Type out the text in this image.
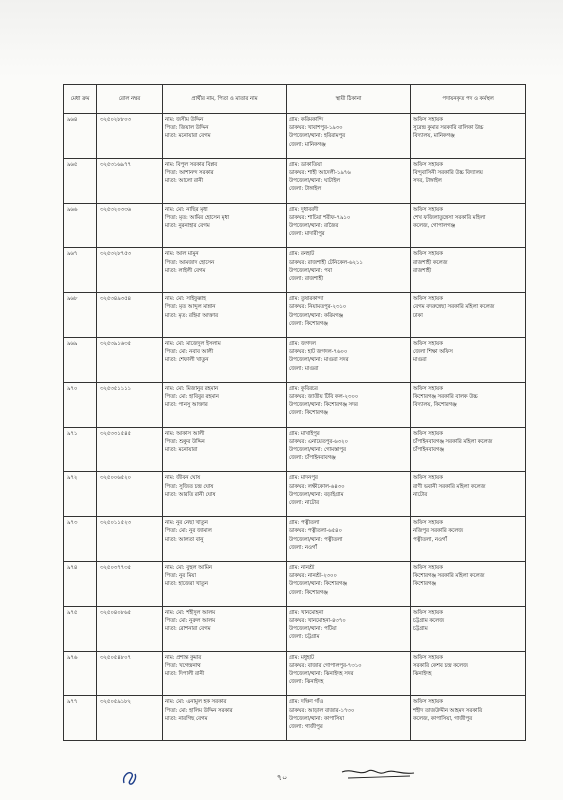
মেধা ক্রম	রোল নম্বর	প্রার্থীর নাম, পিতা ও মাতার নাম	স্থায়ী ঠিকানা	পদায়নকৃত পদ ও কর্মস্থল
৯৬৪	৩২৫০২৮৮০৩	নাম: জসীম উদ্দিন
পিতা: জিয়াল উদ্দিন
মাতা: মনোয়ারা বেগম	গ্রাম: করিমকান্দি
ডাকঘর: খাবাশপুর-১৯৩০
উপজেলা/থানা: হরিরামপুর
জেলা: মানিকগঞ্জ	অফিস সহায়ক
সুরেন্দ্র কুমার সরকারি বালিকা উচ্চ
বিদ্যালয়, মানিকগঞ্জ

৯৬৫	৩২৫৩১৬৯৭৭	নাম: বিপুল সরকার বিপ্লব
পিতা: আশানন্দ সরকার
মাতা: আলো রানী	গ্রাম: ডাকাতিয়া
ডাকঘর: শাহী আদেলী-১৯৭৬
উপজেলা/থানা: ঘাটাইল
জেলা: টাঙ্গাইল	অফিস সহায়ক
বিন্দুবাসিনী সরকারি উচ্চ বিদ্যালয়
সদর, টাঙ্গাইল

৯৬৬	৩২৫৩২০৩৩৬	নাম: মো: নাছির মৃধা
পিতা: মৃত: আমির হোসেন মৃধা
মাতা: নুরনাহার বেগম	গ্রাম: দুধাবরদী
ডাকঘর: শাচিয়া শরীফ-৭৯১০
উপজেলা/থানা: রাজৈর
জেলা: মাদারীপুর	অফিস সহায়ক
শেখ ফজিলাতুন্নেসা সরকারি মহিলা
কলেজ, গোপালগঞ্জ

৯৬৭	৩২৫৩২৮৭৫৩	নাম: আল মামুন
পিতা: আমজাদ হোসেন
মাতা: লাইলী বেগম	গ্রাম: রনহাট
ডাকঘর: রাজশাহী টেনিকেল-৬২১১
উপজেলা/থানা: পবা
জেলা: রাজশাহী	অফিস সহায়ক
রাজশাহী কলেজ
রাজশাহী

৯৬৮	৩২৫৩৪৯৩৫৪	নাম: মো: সাইফুল্লাহ
পিতা: মৃত আব্দুল মান্নান
মাতা: মৃত: রহিমা আক্তার	গ্রাম: তুষারকান্দা
ডাকঘর: নিয়ামতপুর-২৩১০
উপজেলা/থানা: করিমগঞ্জ
জেলা: কিশোরগঞ্জ	অফিস সহায়ক
বেগম বদরুন্নেছা সরকারি মহিলা কলেজ
ঢাকা

৯৬৯	৩২৫৩৯১৬৩৫	নাম: মো: মাজেদুল ইসলাম
পিতা: মো: নবাব আলী
মাতা: শেফালী খাতুন	গ্রাম: জগদল
ডাকঘর: হাট জগদল-৭৬০০
উপজেলা/থানা: মাগুরা সদর
জেলা: মাগুরা	অফিস সহায়ক
জেলা শিক্ষা অফিস
মাগুরা

৯৭০	৩২৫৩৫১১১১	নাম: মো: মিজানুর রহমান
পিতা: মো: হাবিবুর রহমান
মাতা: পানসু আক্তার	গ্রাম: কুবিরচর
ডাকঘর: জাতীয় টিবি কল-২৩০০
উপজেলা/থানা: কিশোরগঞ্জ সদর
জেলা: কিশোরগঞ্জ	অফিস সহায়ক
কিশোরগঞ্জ সরকারি বালক উচ্চ
বিদ্যালয়, কিশোরগঞ্জ

৯৭১	৩২৫৩৩১৫৪৫	নাম: আকাস আলী
পিতা: শুকুর উদ্দিন
মাতা: মনোয়ারা	গ্রাম: মাখাইপুর
ডাকঘর: এনায়েতপুর-৬৩২০
উপজেলা/থানা: গোমস্তাপুর
জেলা: চাঁপাইনবাবগঞ্জ	অফিস সহায়ক
চাঁপাইনবাবগঞ্জ সরকারি মহিলা কলেজ
চাঁপাইনবাবগঞ্জ

৯৭২	৩২৫০০৬৫২০	নাম: জীবন ঘোষ
পিতা: সুজিত চন্দ্র ঘোষ
মাতা: আরতি রানী ঘোষ	গ্রাম: মাদনপুর
ডাকঘর: লক্ষীকোল-৬৪৩০
উপজেলা/থানা: বড়াইগ্রাম
জেলা: নাটোর	অফিস সহায়ক
রাণী ভবানী সরকারি মহিলা কলেজ
নাটোর

৯৭৩	৩২৫০১১৫২৩	নাম: নুর নেছা খাতুন
পিতা: মো: নুর জামাল
মাতা: আলতা বানু	গ্রাম: পত্নীতলা
ডাকঘর: পত্নীতলা-৬৫৪০
উপজেলা/থানা: পত্নীতলা
জেলা: নওগাঁ	অফিস সহায়ক
নজিপুর সরকারি কলেজ
পত্নীতলা, নওগাঁ

৯৭৪	৩২৫০৩৭৭৩৫	নাম: মো: বুহুল আমিন
পিতা: নুর মিয়া
মাতা: হাজেরা খাতুন	গ্রাম: নানশ্রী
ডাকঘর: নানশ্রী-২৩০০
উপজেলা/থানা: কিশোরগঞ্জ
জেলা: কিশোরগঞ্জ	অফিস সহায়ক
কিশোরগঞ্জ সরকারি মহিলা কলেজ
কিশোরগঞ্জ

৯৭৫	৩২৫০৪০৮৬৫	নাম: মো: শহীদুল আলম
পিতা: মো: নুরুল আলম
মাতা: রোশনারা বেগম	গ্রাম: খানমোহনা
ডাকঘর: খানমোহনা-৪৩৭০
উপজেলা/থানা: পটিয়া
জেলা: চট্টগ্রাম	অফিস সহায়ক
চট্টগ্রাম কলেজ
চট্টগ্রাম

৯৭৬	৩২৫০৫৪৮০৭	নাম: প্রশান্ত কুমার
পিতা: খগেন্দ্রনাথ
মাতা: দিপালী রানী	গ্রাম: মধুহাট
ডাকঘর: বাজার গোপালপুর-৭৩১০
উপজেলা/থানা: ঝিনাইদহ সদর
জেলা: ঝিনাইদহ	অফিস সহায়ক
সরকারি কেশব চন্দ্র কলেজ
ঝিনাইদহ

৯৭৭	৩২৫০৫৯১৮২	নাম: মো: এনামুল হক সরকার
পিতা: মো: হালিম উদ্দিন সরকার
মাতা: নারগিছ বেগম	গ্রাম: দক্ষিণ গাঁও
ডাকঘর: আড়াল বাজার-১৭৩০
উপজেলা/থানা: কাপাসিয়া
জেলা: গাজীপুর	অফিস সহায়ক
শহীদ তাজউদ্দীন আহমদ সরকারি
কলেজ, কাপাসিয়া, গাজীপুর
৭০
